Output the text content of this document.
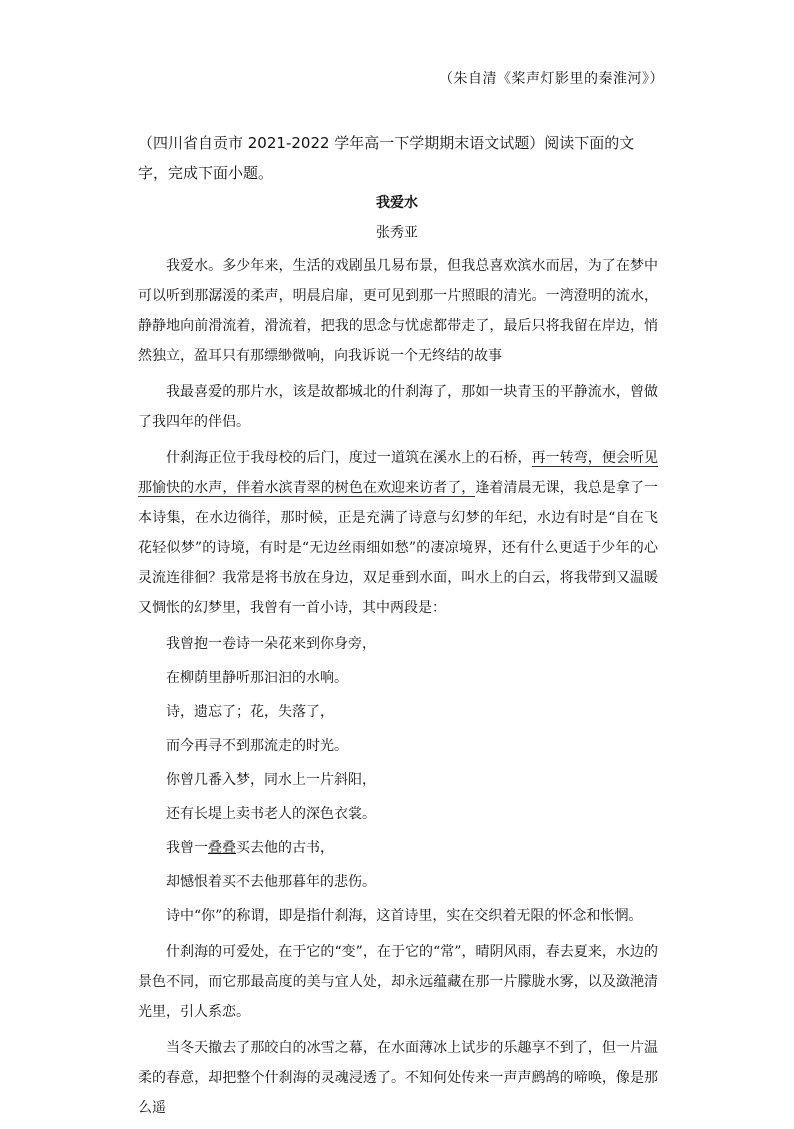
（朱自清《桨声灯影里的秦淮河》）
（四川省自贡市 2021-2022 学年高一下学期期末语文试题）阅读下面的文字，完成下面小题。
我爱水
张秀亚

我爱水。多少年来，生活的戏剧虽几易布景，但我总喜欢滨水而居，为了在梦中可以听到那潺湲的柔声，明晨启扉，更可见到那一片照眼的清光。一湾澄明的流水，静静地向前滑流着，滑流着，把我的思念与忧虑都带走了，最后只将我留在岸边，悄然独立，盈耳只有那缥缈微响，向我诉说一个无终结的故事

我最喜爱的那片水，该是故都城北的什刹海了，那如一块青玉的平静流水，曾做了我四年的伴侣。

什刹海正位于我母校的后门，度过一道筑在溪水上的石桥，再一转弯，便会听见那愉快的水声，伴着水滨青翠的树色在欢迎来访者了，逢着清晨无课，我总是拿了一本诗集，在水边徜徉，那时候，正是充满了诗意与幻梦的年纪，水边有时是“自在飞花轻似梦”的诗境，有时是“无边丝雨细如愁”的凄凉境界，还有什么更适于少年的心灵流连徘徊？我常是将书放在身边，双足垂到水面，叫水上的白云，将我带到又温暖又惆怅的幻梦里，我曾有一首小诗，其中两段是：

我曾抱一卷诗一朵花来到你身旁，

在柳荫里静听那汩汩的水响。

诗，遗忘了；花，失落了，

而今再寻不到那流走的时光。

你曾几番入梦，同水上一片斜阳，

还有长堤上卖书老人的深色衣裳。

我曾一叠叠买去他的古书，

却憾恨着买不去他那暮年的悲伤。

诗中“你”的称谓，即是指什刹海，这首诗里，实在交织着无限的怀念和怅惘。

什刹海的可爱处，在于它的“变”，在于它的“常”，晴阴风雨，春去夏来，水边的景色不同，而它那最高度的美与宜人处，却永远蕴藏在那一片朦胧水雾，以及潋滟清光里，引人系恋。

当冬天撤去了那皎白的冰雪之幕，在水面薄冰上试步的乐趣享不到了，但一片温柔的春意，却把整个什刹海的灵魂浸透了。不知何处传来一声声鹧鸪的啼唤，像是那么遥
